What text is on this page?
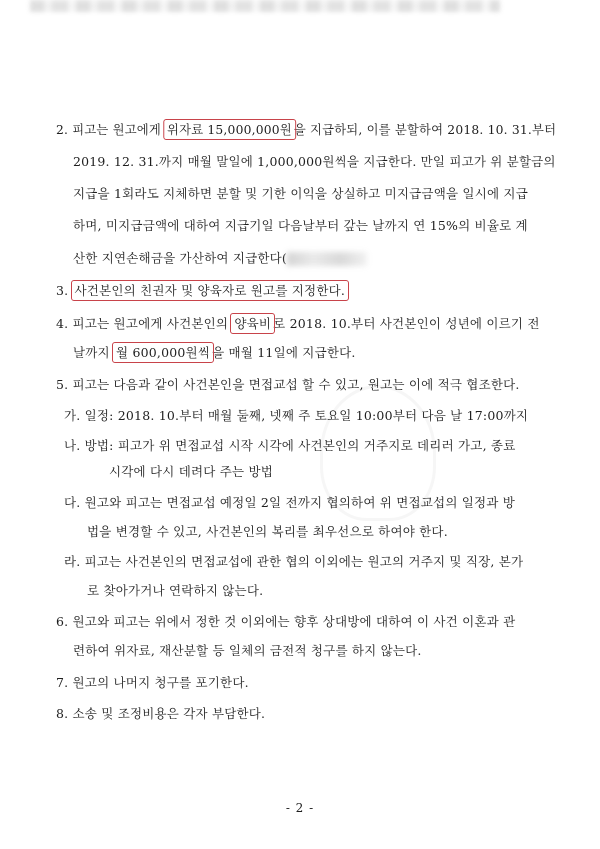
2. 피고는 원고에게 위자료 15,000,000원 을 지급하되, 이를 분할하여 2018. 10. 31.부터
2019. 12. 31.까지 매월 말일에 1,000,000원씩을 지급한다. 만일 피고가 위 분할금의
지급을 1회라도 지체하면 분할 및 기한 이익을 상실하고 미지급금액을 일시에 지급
하며, 미지급금액에 대하여 지급기일 다음날부터 갚는 날까지 연 15%의 비율로 계
산한 지연손해금을 가산하여 지급한다(
3. 사건본인의 친권자 및 양육자로 원고를 지정한다.
4. 피고는 원고에게 사건본인의 양육비 로 2018. 10.부터 사건본인이 성년에 이르기 전
날까지 월 600,000원씩 을 매월 11일에 지급한다.
5. 피고는 다음과 같이 사건본인을 면접교섭 할 수 있고, 원고는 이에 적극 협조한다.
가. 일정: 2018. 10.부터 매월 둘째, 넷째 주 토요일 10:00부터 다음 날 17:00까지
나. 방법: 피고가 위 면접교섭 시작 시각에 사건본인의 거주지로 데리러 가고, 종료
시각에 다시 데려다 주는 방법
다. 원고와 피고는 면접교섭 예정일 2일 전까지 협의하여 위 면접교섭의 일정과 방
법을 변경할 수 있고, 사건본인의 복리를 최우선으로 하여야 한다.
라. 피고는 사건본인의 면접교섭에 관한 협의 이외에는 원고의 거주지 및 직장, 본가
로 찾아가거나 연락하지 않는다.
6. 원고와 피고는 위에서 정한 것 이외에는 향후 상대방에 대하여 이 사건 이혼과 관
련하여 위자료, 재산분할 등 일체의 금전적 청구를 하지 않는다.
7. 원고의 나머지 청구를 포기한다.
8. 소송 및 조정비용은 각자 부담한다.
- 2 -
